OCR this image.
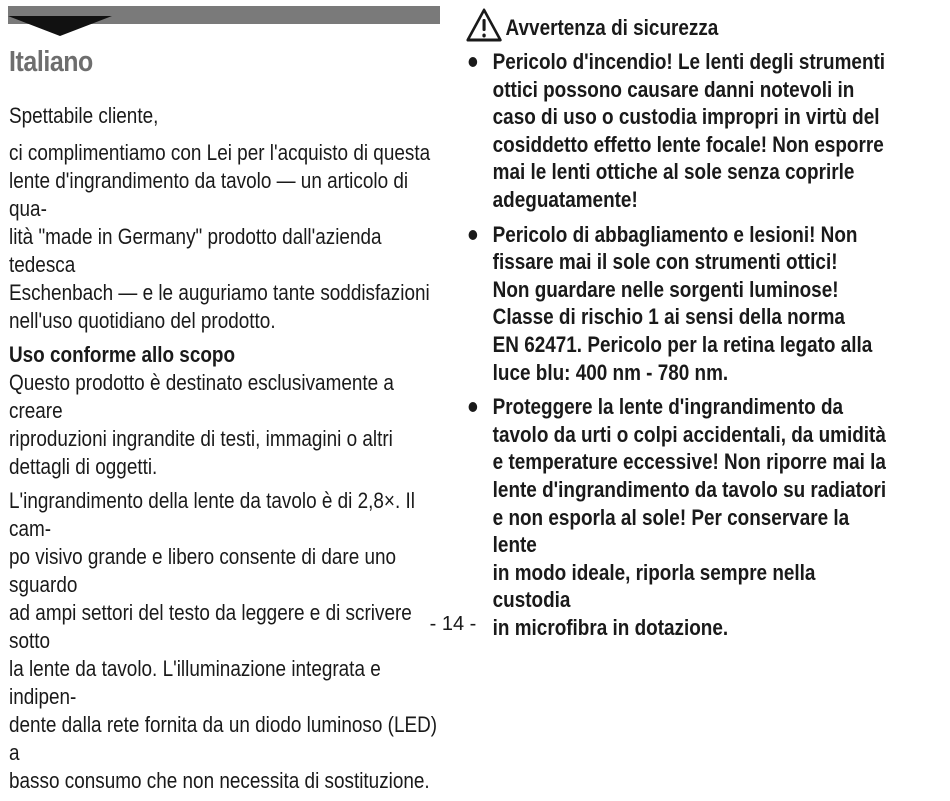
Italiano

Spettabile cliente,

ci complimentiamo con Lei per l'acquisto di questa
lente d'ingrandimento da tavolo — un articolo di qua-
lità "made in Germany" prodotto dall'azienda tedesca
Eschenbach — e le auguriamo tante soddisfazioni
nell'uso quotidiano del prodotto.

Uso conforme allo scopo

Questo prodotto è destinato esclusivamente a creare
riproduzioni ingrandite di testi, immagini o altri
dettagli di oggetti.

L'ingrandimento della lente da tavolo è di 2,8×. Il cam-
po visivo grande e libero consente di dare uno sguardo
ad ampi settori del testo da leggere e di scrivere sotto
la lente da tavolo. L'illuminazione integrata e indipen-
dente dalla rete fornita da un diodo luminoso (LED) a
basso consumo che non necessita di sostituzione.

Avvertenza di sicurezza
Pericolo d'incendio! Le lenti degli strumenti
ottici possono causare danni notevoli in
caso di uso o custodia impropri in virtù del
cosiddetto effetto lente focale! Non esporre
mai le lenti ottiche al sole senza coprirle
adeguatamente!
Pericolo di abbagliamento e lesioni! Non
fissare mai il sole con strumenti ottici!
Non guardare nelle sorgenti luminose!
Classe di rischio 1 ai sensi della norma
EN 62471. Pericolo per la retina legato alla
luce blu: 400 nm - 780 nm.
Proteggere la lente d'ingrandimento da
tavolo da urti o colpi accidentali, da umidità
e temperature eccessive! Non riporre mai la
lente d'ingrandimento da tavolo su radiatori
e non esporla al sole! Per conservare la lente
in modo ideale, riporla sempre nella custodia
in microfibra in dotazione.
- 14 -
